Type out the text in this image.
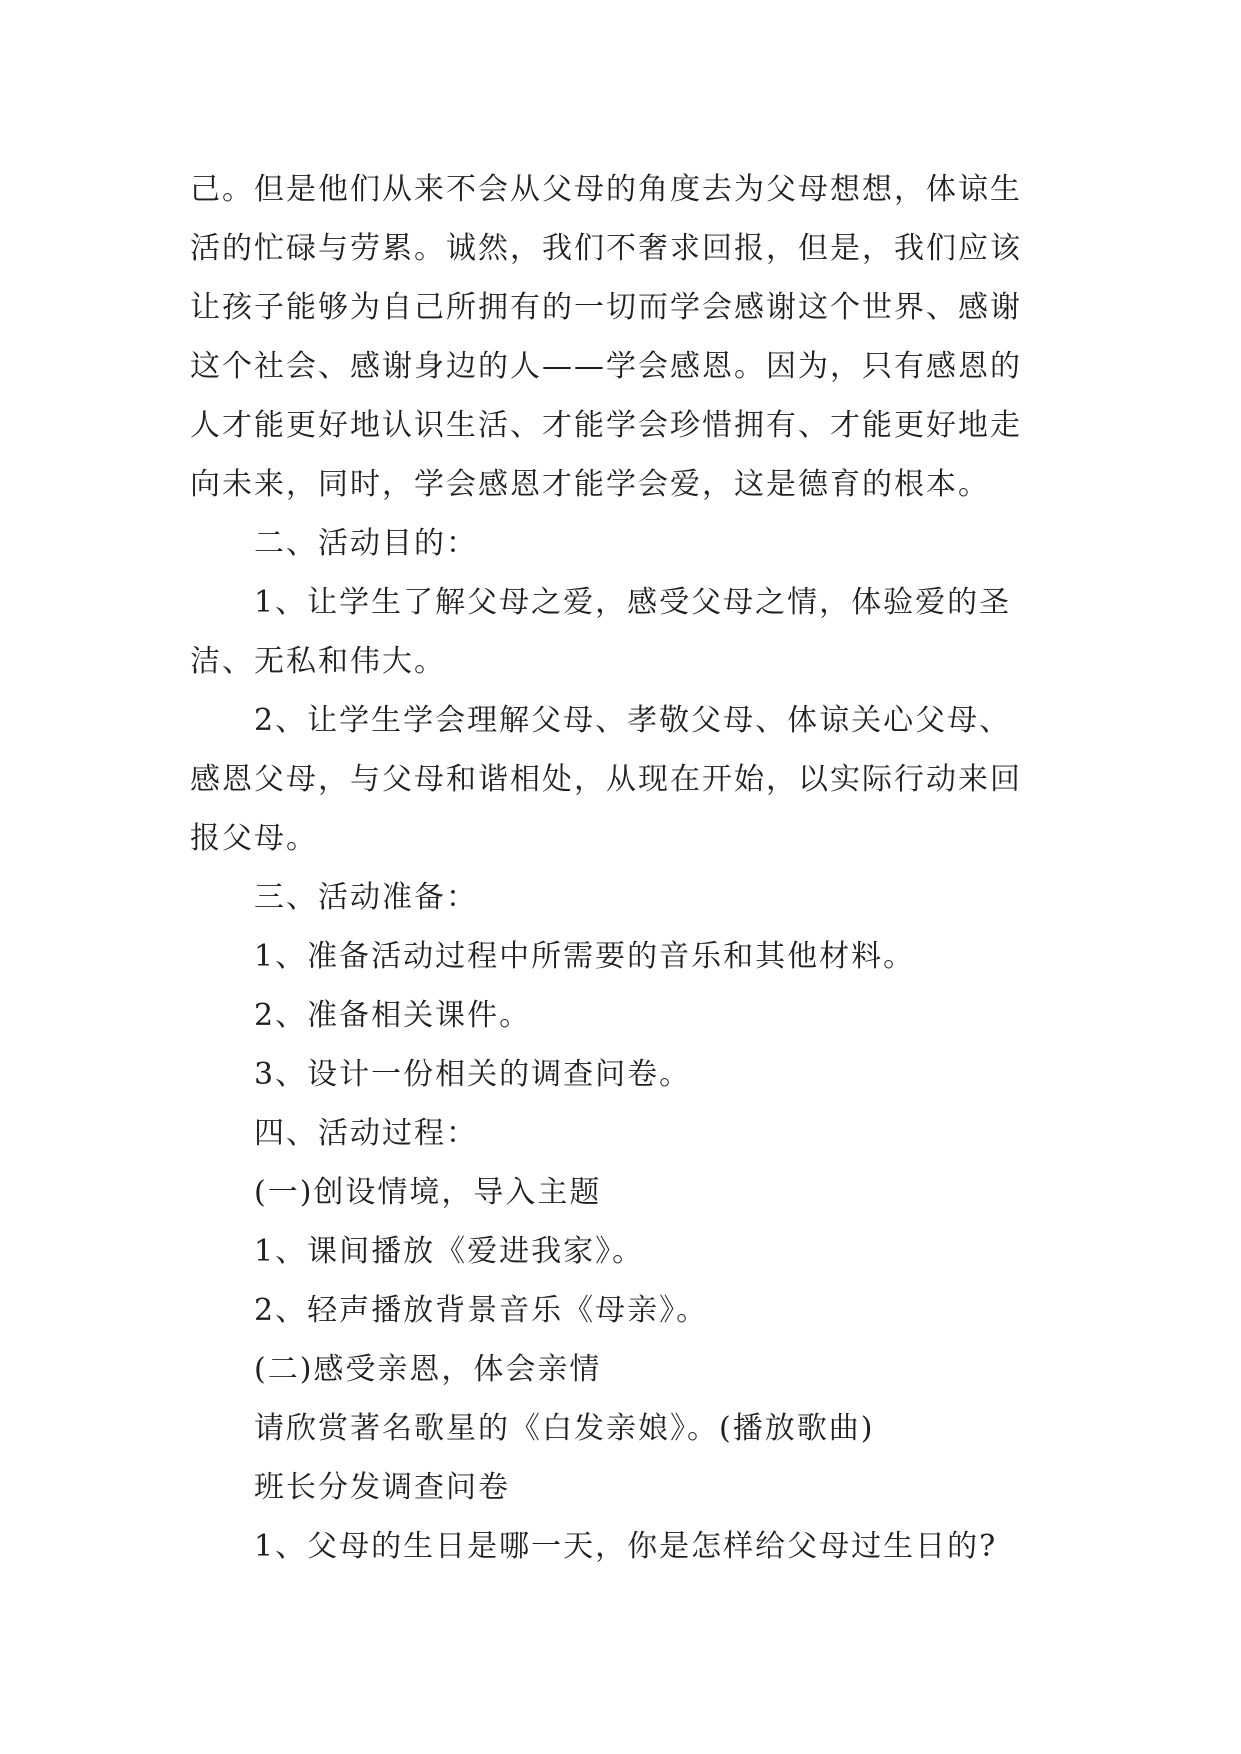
己。但是他们从来不会从父母的角度去为父母想想，体谅生
活的忙碌与劳累。诚然，我们不奢求回报，但是，我们应该
让孩子能够为自己所拥有的一切而学会感谢这个世界、感谢
这个社会、感谢身边的人——学会感恩。因为，只有感恩的
人才能更好地认识生活、才能学会珍惜拥有、才能更好地走
向未来，同时，学会感恩才能学会爱，这是德育的根本。

二、活动目的：

1、让学生了解父母之爱，感受父母之情，体验爱的圣
洁、无私和伟大。

2、让学生学会理解父母、孝敬父母、体谅关心父母、
感恩父母，与父母和谐相处，从现在开始，以实际行动来回
报父母。

三、活动准备：

1、准备活动过程中所需要的音乐和其他材料。

2、准备相关课件。

3、设计一份相关的调查问卷。

四、活动过程：

(一)创设情境，导入主题

1、课间播放《爱进我家》。

2、轻声播放背景音乐《母亲》。

(二)感受亲恩，体会亲情

请欣赏著名歌星的《白发亲娘》。(播放歌曲)

班长分发调查问卷

1、父母的生日是哪一天，你是怎样给父母过生日的?
